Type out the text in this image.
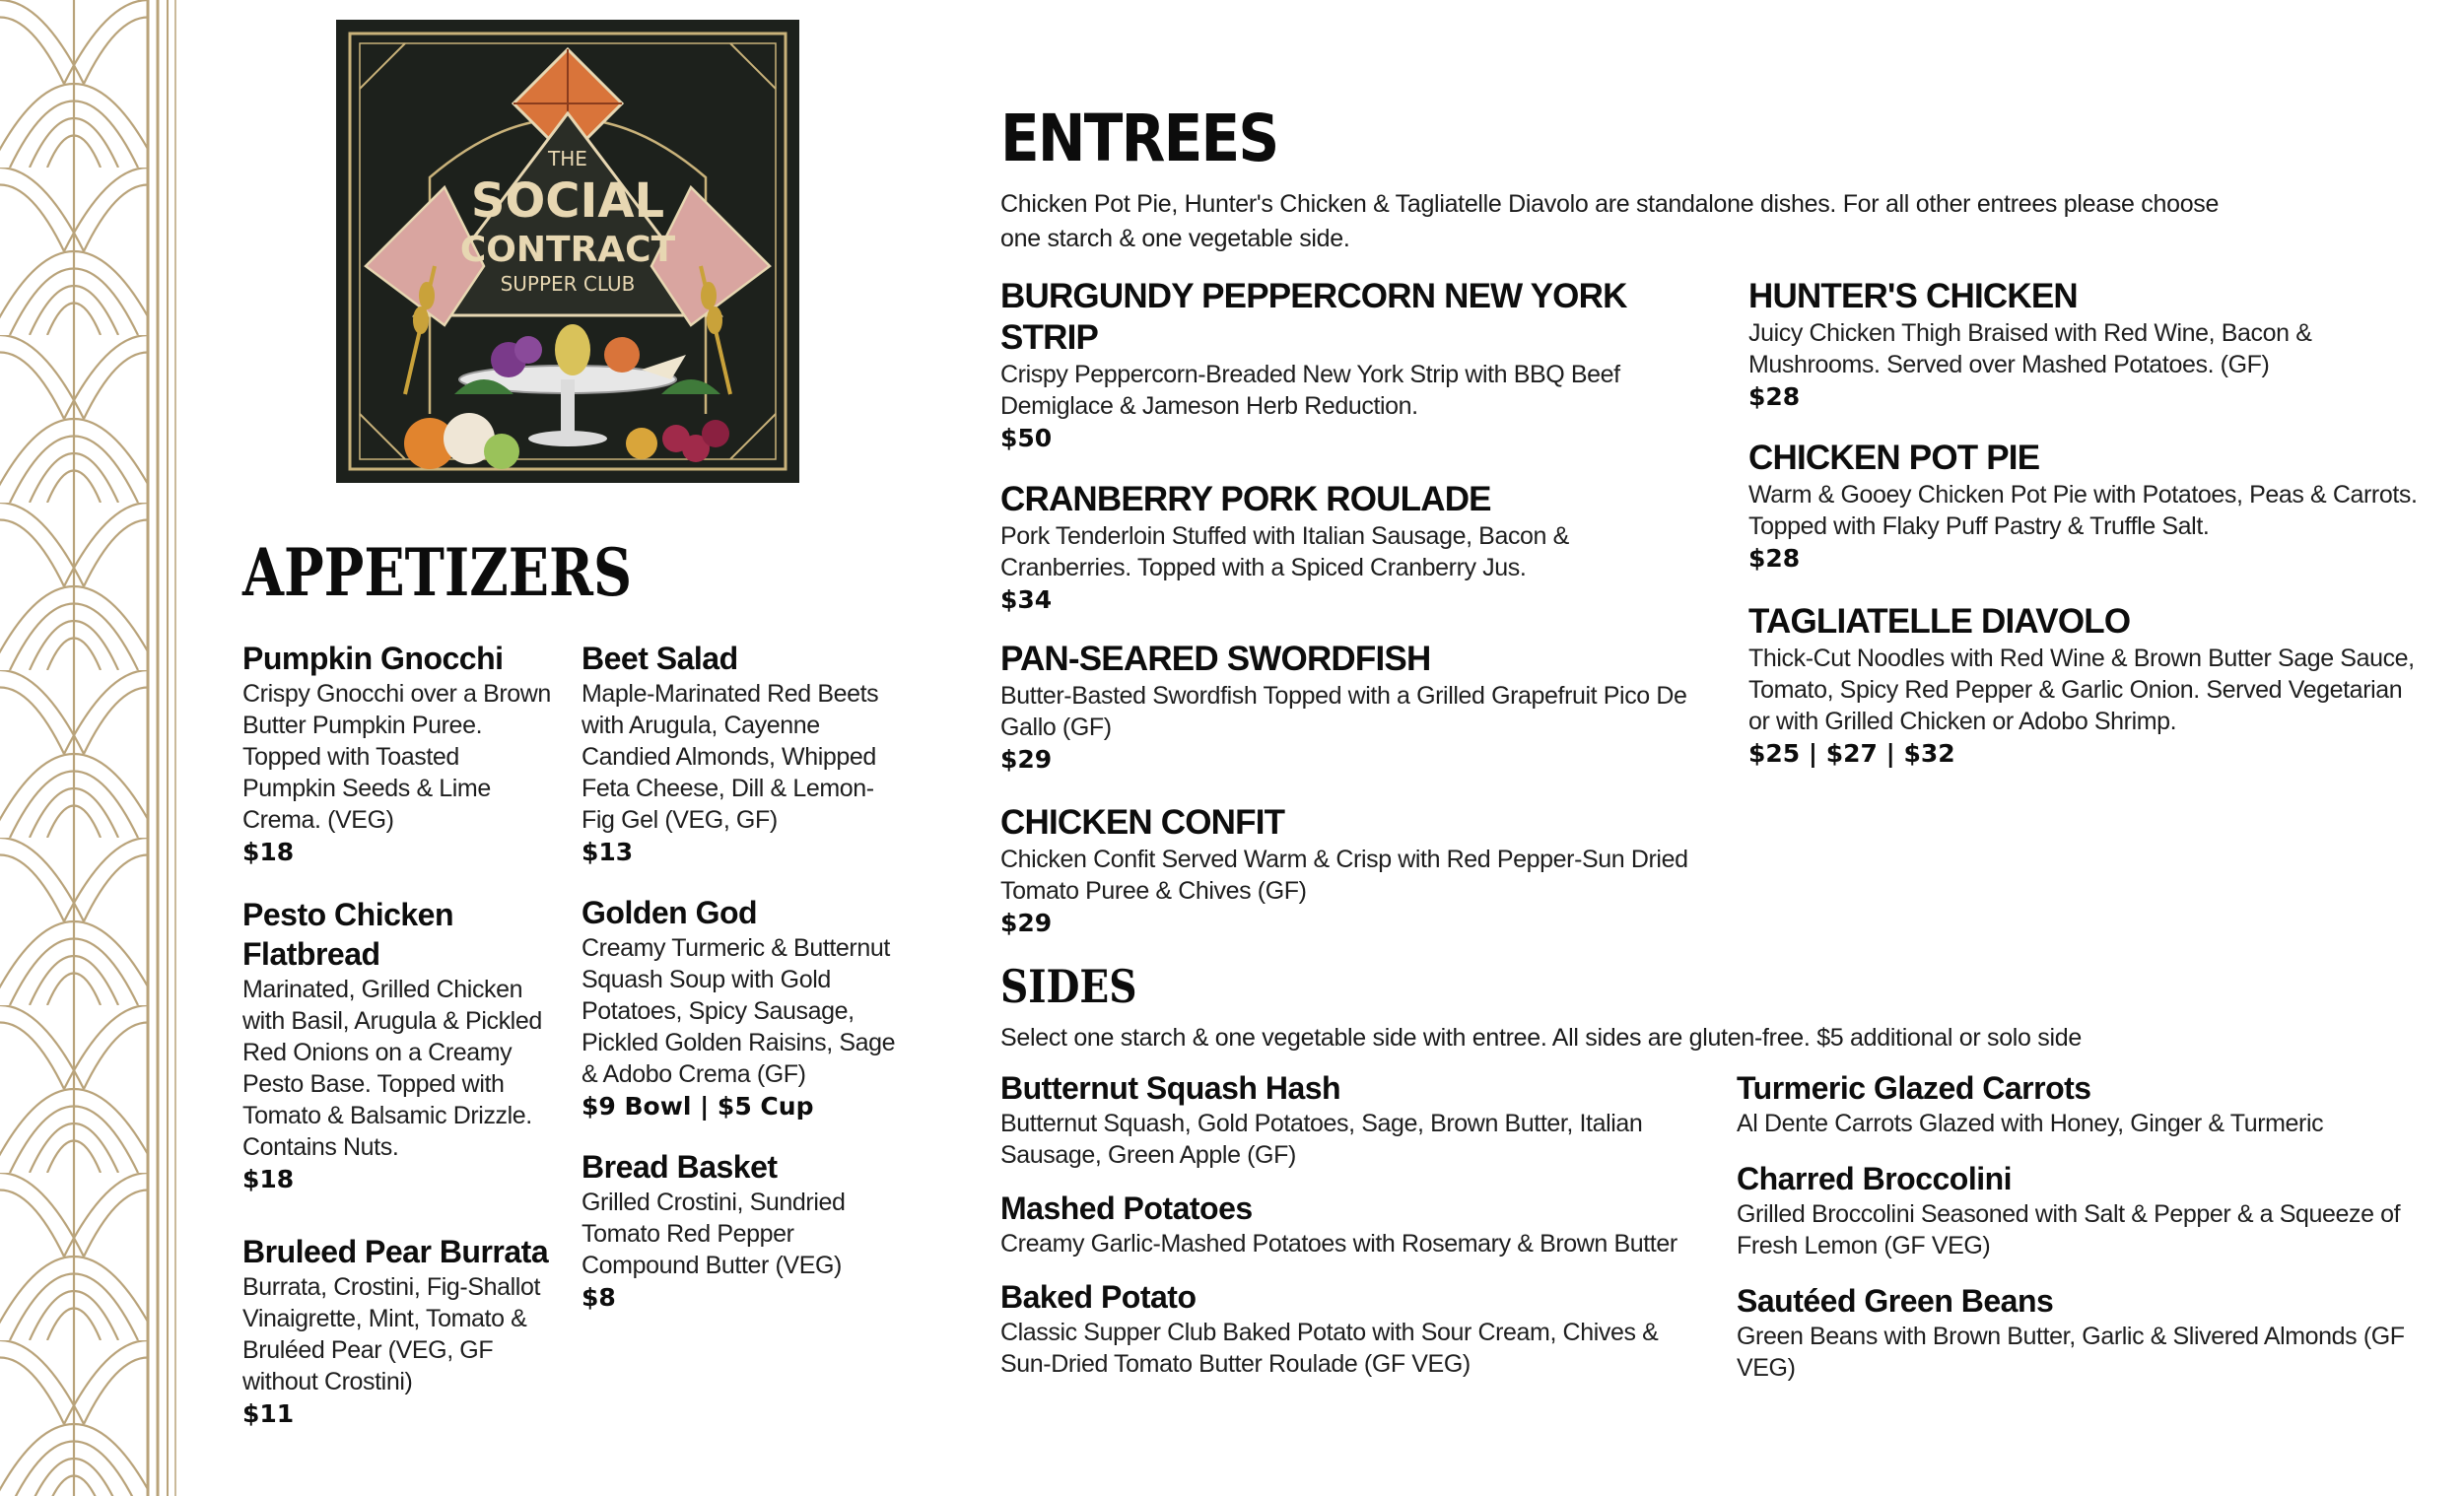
THE
SOCIAL
CONTRACT
SUPPER CLUB
APPETIZERS
Pumpkin Gnocchi
Crispy Gnocchi over a Brown Butter Pumpkin Puree. Topped with Toasted Pumpkin Seeds & Lime Crema. (VEG)
$18
Pesto Chicken Flatbread
Marinated, Grilled Chicken with Basil, Arugula & Pickled Red Onions on a Creamy Pesto Base. Topped with Tomato & Balsamic Drizzle. Contains Nuts.
$18
Bruleed Pear Burrata
Burrata, Crostini, Fig-Shallot Vinaigrette, Mint, Tomato & Bruléed Pear (VEG, GF without Crostini)
$11
Beet Salad
Maple-Marinated Red Beets with Arugula, Cayenne Candied Almonds, Whipped Feta Cheese, Dill & Lemon-Fig Gel (VEG, GF)
$13
Golden God
Creamy Turmeric & Butternut Squash Soup with Gold Potatoes, Spicy Sausage, Pickled Golden Raisins, Sage & Adobo Crema (GF)
$9 Bowl | $5 Cup
Bread Basket
Grilled Crostini, Sundried Tomato Red Pepper Compound Butter (VEG)
$8
ENTREES

Chicken Pot Pie, Hunter's Chicken & Tagliatelle Diavolo are standalone dishes. For all other entrees please choose one starch & one vegetable side.

BURGUNDY PEPPERCORN NEW YORK STRIP
Crispy Peppercorn-Breaded New York Strip with BBQ Beef Demiglace & Jameson Herb Reduction.
$50
CRANBERRY PORK ROULADE
Pork Tenderloin Stuffed with Italian Sausage, Bacon & Cranberries. Topped with a Spiced Cranberry Jus.
$34
PAN-SEARED SWORDFISH
Butter-Basted Swordfish Topped with a Grilled Grapefruit Pico De Gallo (GF)
$29
CHICKEN CONFIT
Chicken Confit Served Warm & Crisp with Red Pepper-Sun Dried Tomato Puree & Chives (GF)
$29
HUNTER'S CHICKEN
Juicy Chicken Thigh Braised with Red Wine, Bacon & Mushrooms. Served over Mashed Potatoes. (GF)
$28
CHICKEN POT PIE
Warm & Gooey Chicken Pot Pie with Potatoes, Peas & Carrots. Topped with Flaky Puff Pastry & Truffle Salt.
$28
TAGLIATELLE DIAVOLO
Thick-Cut Noodles with Red Wine & Brown Butter Sage Sauce, Tomato, Spicy Red Pepper & Garlic Onion. Served Vegetarian or with Grilled Chicken or Adobo Shrimp.
$25 | $27 | $32
SIDES

Select one starch & one vegetable side with entree. All sides are gluten-free. $5 additional or solo side

Butternut Squash Hash
Butternut Squash, Gold Potatoes, Sage, Brown Butter, Italian Sausage, Green Apple (GF)
Mashed Potatoes
Creamy Garlic-Mashed Potatoes with Rosemary & Brown Butter
Baked Potato
Classic Supper Club Baked Potato with Sour Cream, Chives & Sun-Dried Tomato Butter Roulade (GF VEG)
Turmeric Glazed Carrots
Al Dente Carrots Glazed with Honey, Ginger & Turmeric
Charred Broccolini
Grilled Broccolini Seasoned with Salt & Pepper & a Squeeze of Fresh Lemon (GF VEG)
Sautéed Green Beans
Green Beans with Brown Butter, Garlic & Slivered Almonds (GF VEG)
